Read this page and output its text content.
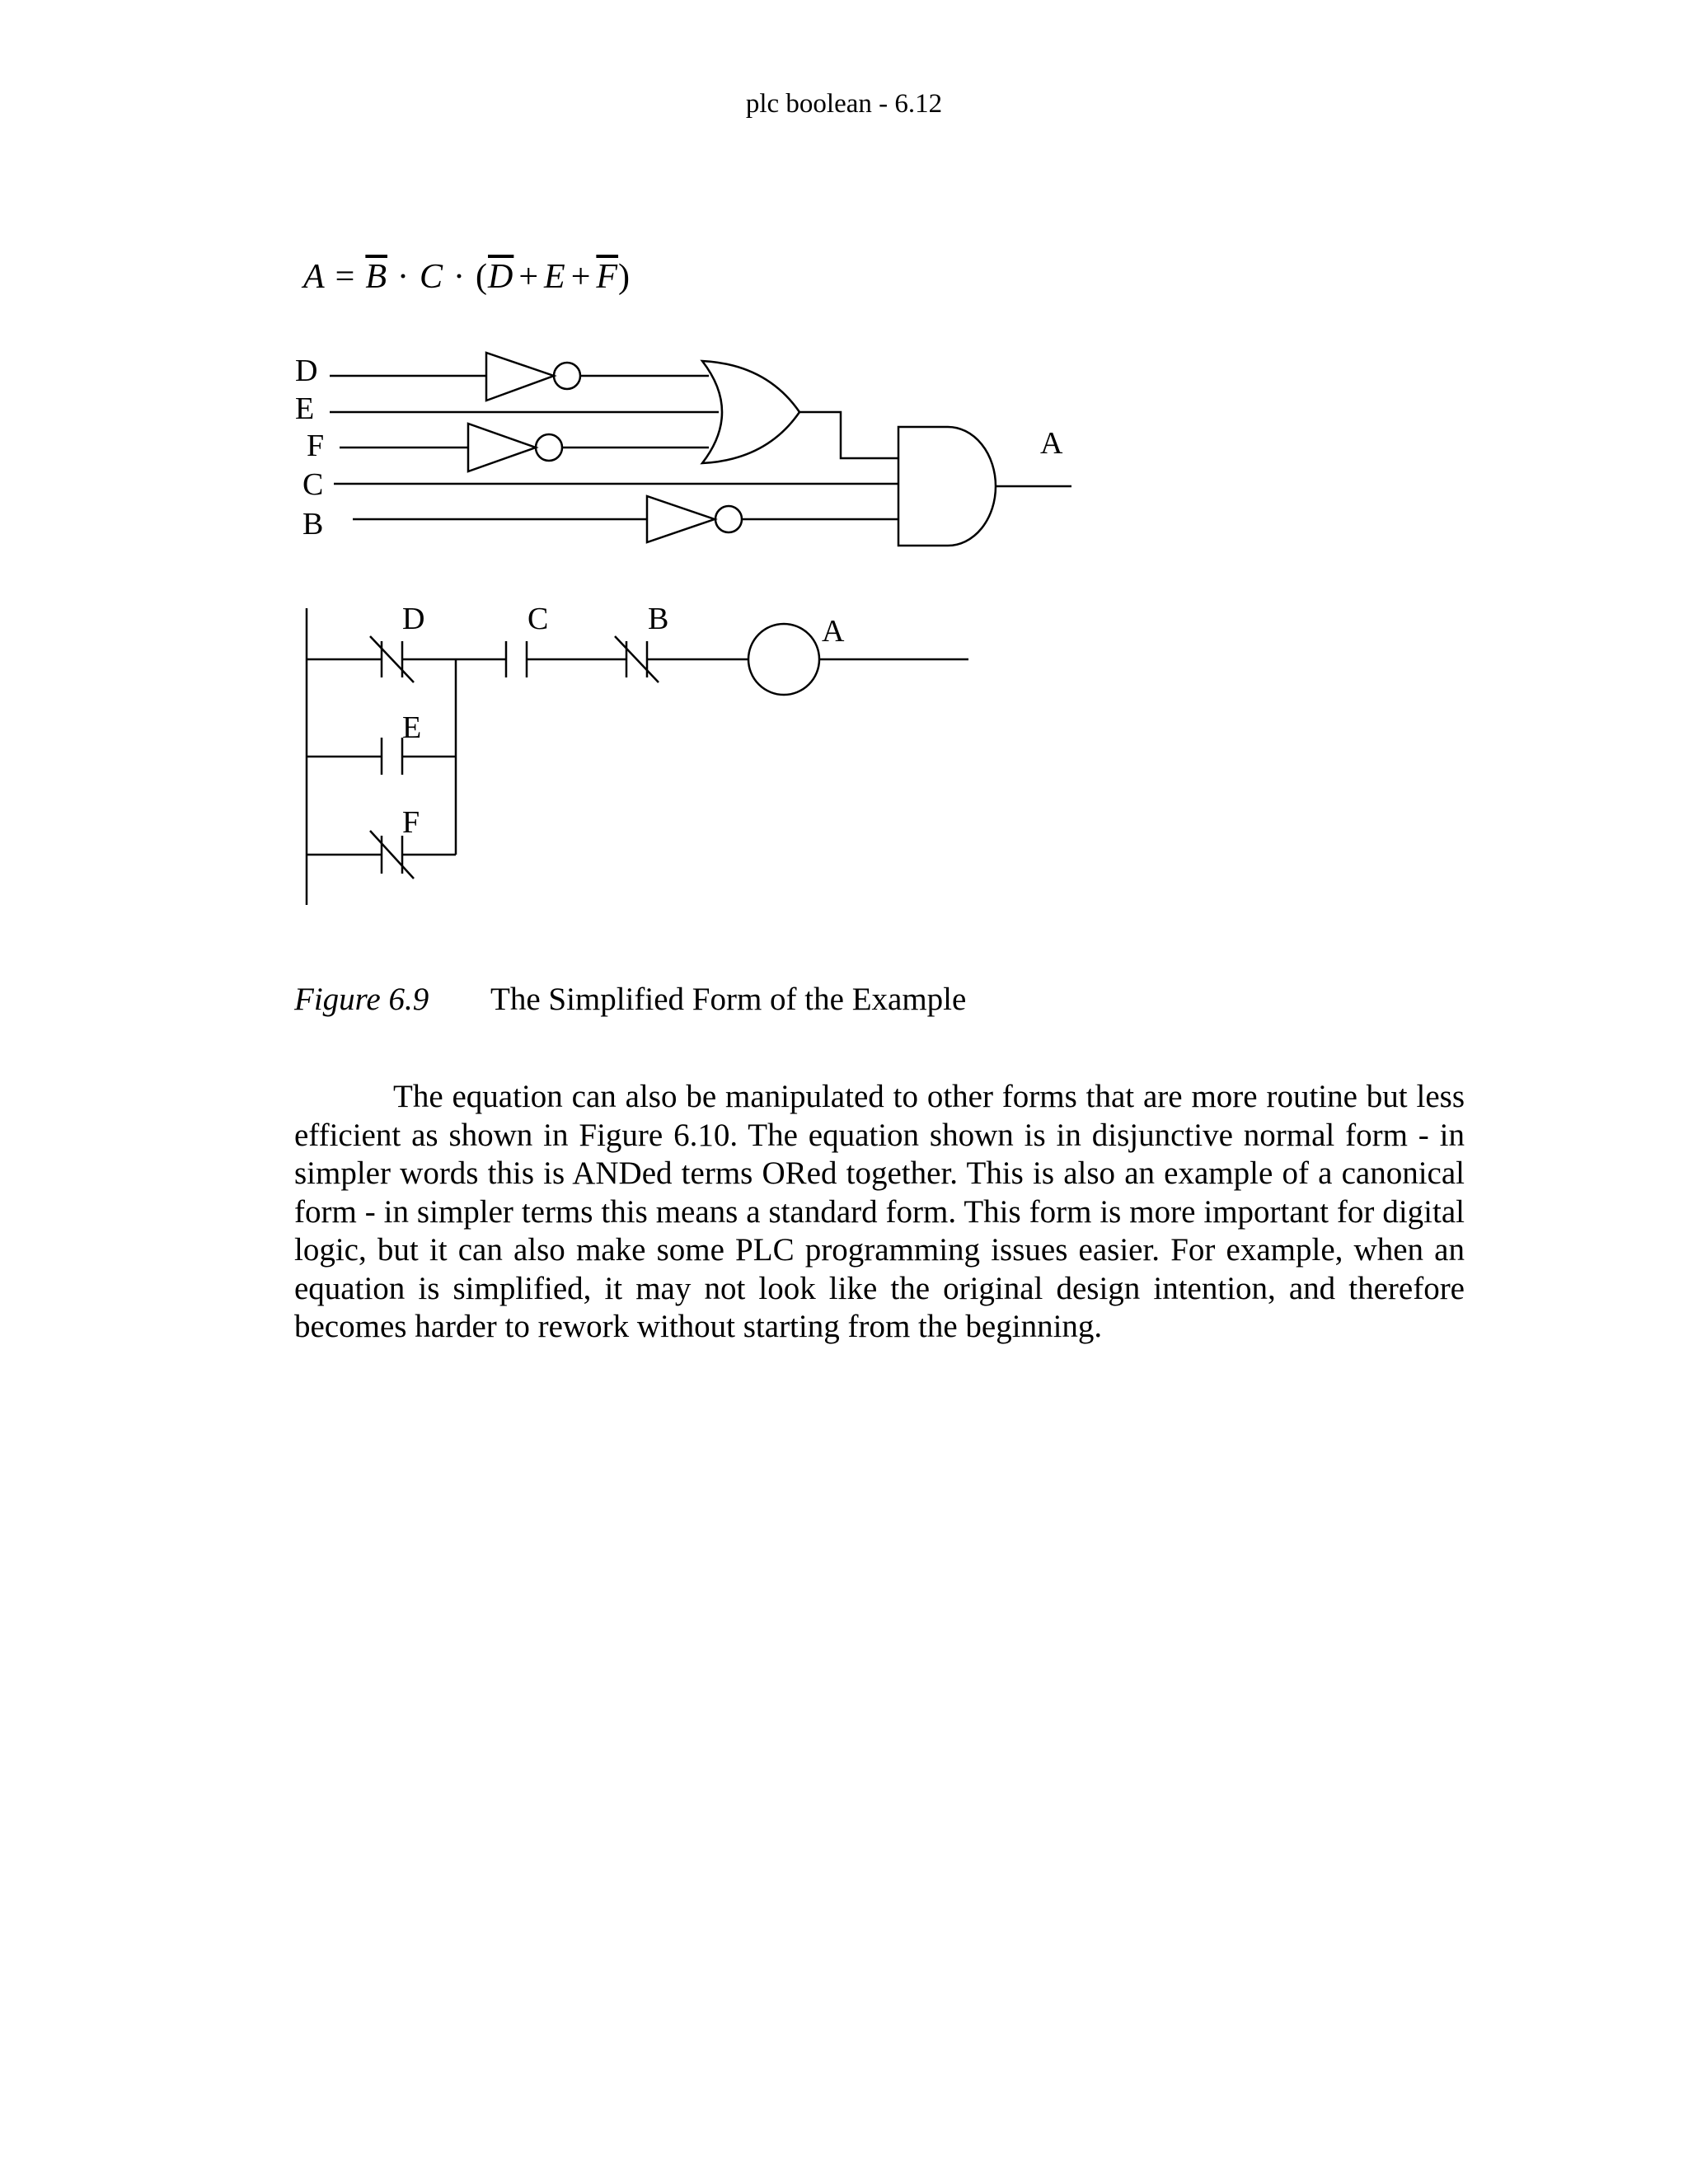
plc boolean - 6.12
$A = \overline{B} \cdot C \cdot (\overline{D} + E + \overline{F})$
D
E
F
C
B
A
D	C	B
E
F
A
Figure 6.9 The Simplified Form of the Example

The equation can also be manipulated to other forms that are more routine but less efficient as shown in Figure 6.10. The equation shown is in disjunctive normal form - in simpler words this is ANDed terms ORed together. This is also an example of a canonical form - in simpler terms this means a standard form. This form is more important for digital logic, but it can also make some PLC programming issues easier. For example, when an equation is simplified, it may not look like the original design intention, and therefore becomes harder to rework without starting from the beginning.
